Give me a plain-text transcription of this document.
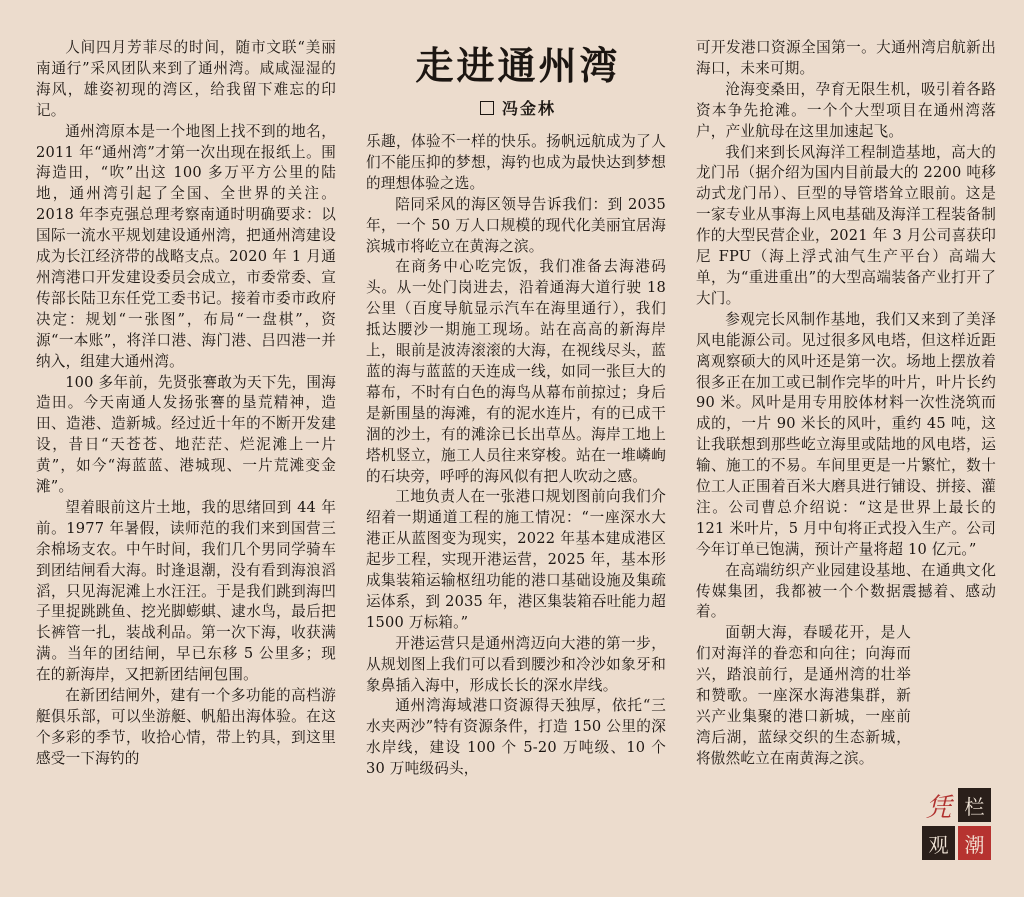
人间四月芳菲尽的时间，随市文联“美丽南通行”采风团队来到了通州湾。咸咸湿湿的海风，雄姿初现的湾区，给我留下难忘的印记。

通州湾原本是一个地图上找不到的地名，2011 年“通州湾”才第一次出现在报纸上。围海造田，“吹”出这 100 多万平方公里的陆地，通州湾引起了全国、全世界的关注。2018 年李克强总理考察南通时明确要求：以国际一流水平规划建设通州湾，把通州湾建设成为长江经济带的战略支点。2020 年 1 月通州湾港口开发建设委员会成立，市委常委、宣传部长陆卫东任党工委书记。接着市委市政府决定：规划“一张图”，布局“一盘棋”，资源“一本账”，将洋口港、海门港、吕四港一并纳入，组建大通州湾。

100 多年前，先贤张謇敢为天下先，围海造田。今天南通人发扬张謇的垦荒精神，造田、造港、造新城。经过近十年的不断开发建设，昔日“天苍苍、地茫茫、烂泥滩上一片黄”，如今“海蓝蓝、港城现、一片荒滩变金滩”。

望着眼前这片土地，我的思绪回到 44 年前。1977 年暑假，读师范的我们来到国营三余棉场支农。中午时间，我们几个男同学骑车到团结闸看大海。时逢退潮，没有看到海浪滔滔，只见海泥滩上水汪汪。于是我们跳到海凹子里捉跳跳鱼、挖光脚蟛蜞、逮水鸟，最后把长裤管一扎，装战利品。第一次下海，收获满满。当年的团结闸，早已东移 5 公里多；现在的新海岸，又把新团结闸包围。

在新团结闸外，建有一个多功能的高档游艇俱乐部，可以坐游艇、帆船出海体验。在这个多彩的季节，收拾心情，带上钓具，到这里感受一下海钓的

走进通州湾
冯金林

乐趣，体验不一样的快乐。扬帆远航成为了人们不能压抑的梦想，海钓也成为最快达到梦想的理想体验之选。

陪同采风的海区领导告诉我们：到 2035 年，一个 50 万人口规模的现代化美丽宜居海滨城市将屹立在黄海之滨。

在商务中心吃完饭，我们准备去海港码头。从一处门岗进去，沿着通海大道行驶 18 公里（百度导航显示汽车在海里通行），我们抵达腰沙一期施工现场。站在高高的新海岸上，眼前是波涛滚滚的大海，在视线尽头，蓝蓝的海与蓝蓝的天连成一线，如同一张巨大的幕布，不时有白色的海鸟从幕布前掠过；身后是新围垦的海滩，有的泥水连片，有的已成干涸的沙土，有的滩涂已长出草丛。海岸工地上塔机竖立，施工人员往来穿梭。站在一堆嶙峋的石块旁，呼呼的海风似有把人吹动之感。

工地负责人在一张港口规划图前向我们介绍着一期通道工程的施工情况：“一座深水大港正从蓝图变为现实，2022 年基本建成港区起步工程，实现开港运营，2025 年，基本形成集装箱运输枢纽功能的港口基础设施及集疏运体系，到 2035 年，港区集装箱吞吐能力超 1500 万标箱。”

开港运营只是通州湾迈向大港的第一步，从规划图上我们可以看到腰沙和冷沙如象牙和象鼻插入海中，形成长长的深水岸线。

通州湾海域港口资源得天独厚，依托“三水夹两沙”特有资源条件，打造 150 公里的深水岸线，建设 100 个 5-20 万吨级、10 个 30 万吨级码头，

可开发港口资源全国第一。大通州湾启航新出海口，未来可期。

沧海变桑田，孕育无限生机，吸引着各路资本争先抢滩。一个个大型项目在通州湾落户，产业航母在这里加速起飞。

我们来到长风海洋工程制造基地，高大的龙门吊（据介绍为国内目前最大的 2200 吨移动式龙门吊）、巨型的导管塔耸立眼前。这是一家专业从事海上风电基础及海洋工程装备制作的大型民营企业，2021 年 3 月公司喜获印尼 FPU（海上浮式油气生产平台）高端大单，为“重进重出”的大型高端装备产业打开了大门。

参观完长风制作基地，我们又来到了美泽风电能源公司。见过很多风电塔，但这样近距离观察硕大的风叶还是第一次。场地上摆放着很多正在加工或已制作完毕的叶片，叶片长约 90 米。风叶是用专用胶体材料一次性浇筑而成的，一片 90 米长的风叶，重约 45 吨，这让我联想到那些屹立海里或陆地的风电塔，运输、施工的不易。车间里更是一片繁忙，数十位工人正围着百米大磨具进行铺设、拼接、灌注。公司曹总介绍说：“这是世界上最长的 121 米叶片，5 月中旬将正式投入生产。公司今年订单已饱满，预计产量将超 10 亿元。”

在高端纺织产业园建设基地、在通典文化传媒集团，我都被一个个数据震撼着、感动着。

面朝大海，春暖花开，是人们对海洋的眷恋和向往；向海而兴，踏浪前行，是通州湾的壮举和赞歌。一座深水海港集群，新兴产业集聚的港口新城，一座前湾后湖，蓝绿交织的生态新城，将傲然屹立在南黄海之滨。

凭 栏
观 潮
